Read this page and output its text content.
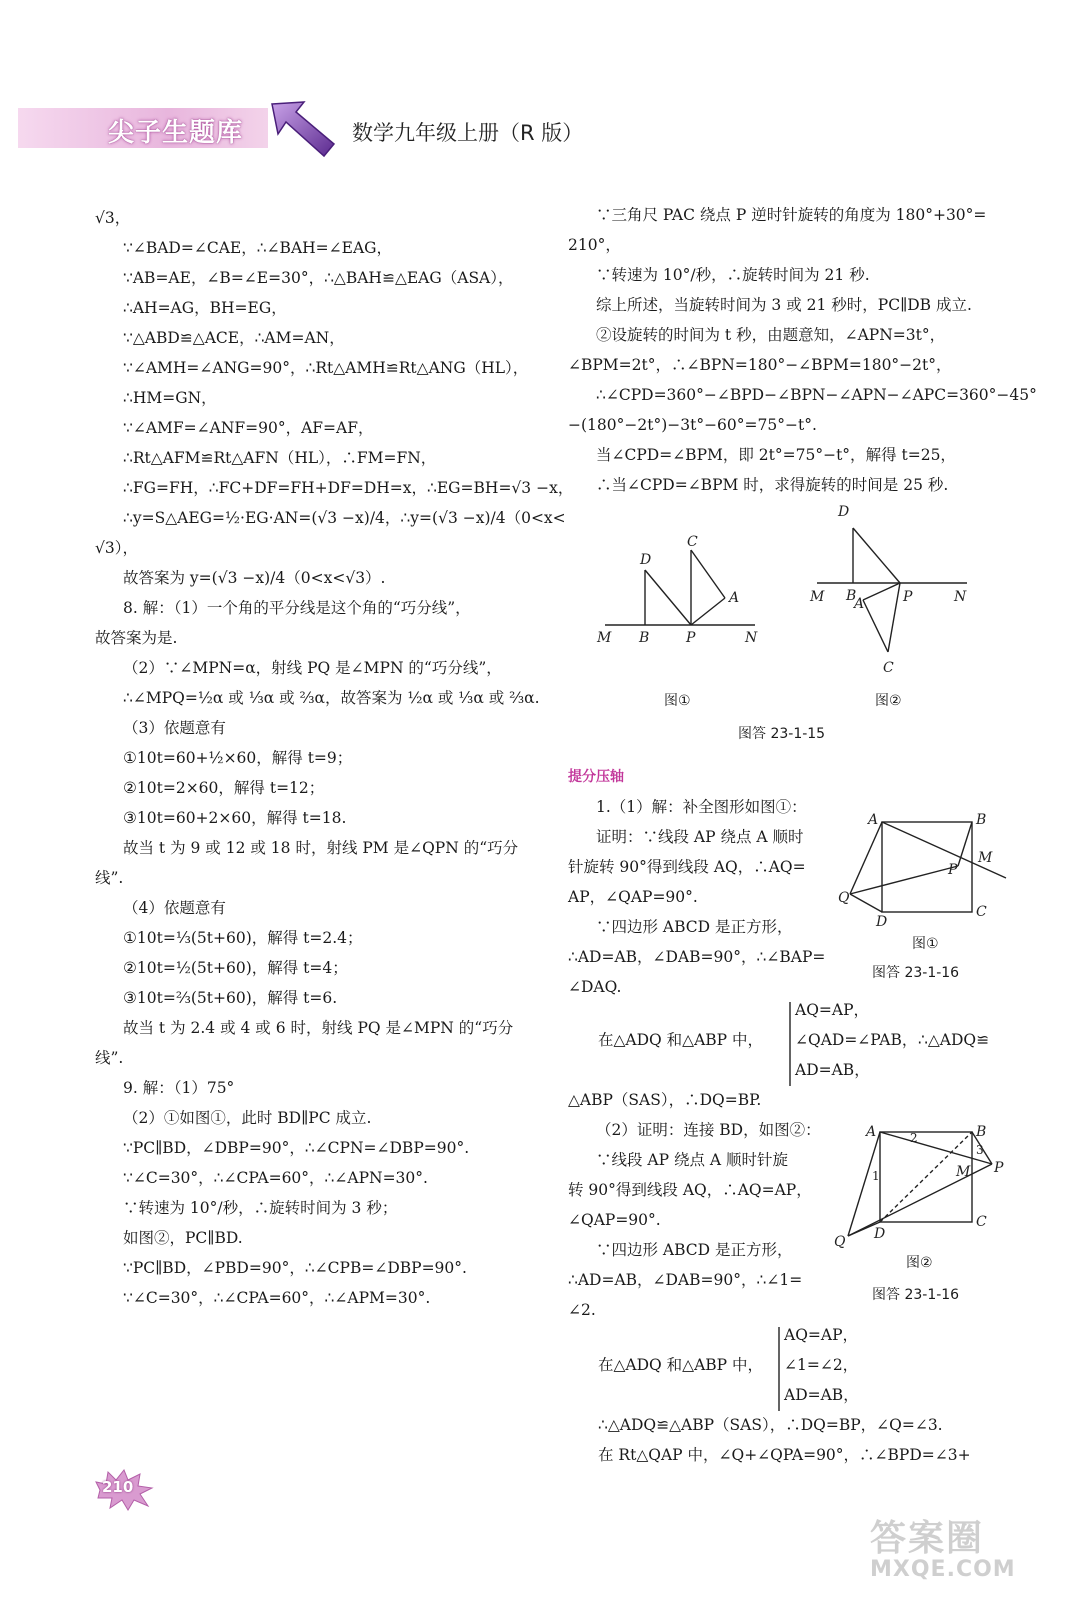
尖子生题库	数学九年级上册（R 版）
√3，
∵∠BAD=∠CAE，∴∠BAH=∠EAG，
∵AB=AE，∠B=∠E=30°，∴△BAH≌△EAG（ASA），
∴AH=AG，BH=EG，
∵△ABD≌△ACE，∴AM=AN，
∵∠AMH=∠ANG=90°，∴Rt△AMH≌Rt△ANG（HL），
∴HM=GN，
∵∠AMF=∠ANF=90°，AF=AF，
∴Rt△AFM≌Rt△AFN（HL），∴FM=FN，
∴FG=FH，∴FC+DF=FH+DF=DH=x，∴EG=BH=√3 −x，
∴y=S△AEG=½·EG·AN=(√3 −x)/4，∴y=(√3 −x)/4（0<x<
√3），
故答案为 y=(√3 −x)/4（0<x<√3）.
8. 解：（1）一个角的平分线是这个角的“巧分线”，
故答案为是.
（2）∵∠MPN=α，射线 PQ 是∠MPN 的“巧分线”，
∴∠MPQ=½α 或 ⅓α 或 ⅔α，故答案为 ½α 或 ⅓α 或 ⅔α.
（3）依题意有
①10t=60+½×60，解得 t=9；
②10t=2×60，解得 t=12；
③10t=60+2×60，解得 t=18.
故当 t 为 9 或 12 或 18 时，射线 PM 是∠QPN 的“巧分
线”.
（4）依题意有
①10t=⅓(5t+60)，解得 t=2.4；
②10t=½(5t+60)，解得 t=4；
③10t=⅔(5t+60)，解得 t=6.
故当 t 为 2.4 或 4 或 6 时，射线 PQ 是∠MPN 的“巧分
线”.
9. 解：（1）75°
（2）①如图①，此时 BD∥PC 成立.
∵PC∥BD，∠DBP=90°，∴∠CPN=∠DBP=90°.
∵∠C=30°，∴∠CPA=60°，∴∠APN=30°.
∵转速为 10°/秒，∴旋转时间为 3 秒；
如图②，PC∥BD.
∵PC∥BD，∠PBD=90°，∴∠CPB=∠DBP=90°.
∵∠C=30°，∴∠CPA=60°，∴∠APM=30°.
∵三角尺 PAC 绕点 P 逆时针旋转的角度为 180°+30°=
210°，
∵转速为 10°/秒，∴旋转时间为 21 秒.
综上所述，当旋转时间为 3 或 21 秒时，PC∥DB 成立.
②设旋转的时间为 t 秒，由题意知，∠APN=3t°，
∠BPM=2t°，∴∠BPN=180°−∠BPM=180°−2t°，
∴∠CPD=360°−∠BPD−∠BPN−∠APN−∠APC=360°−45°
−(180°−2t°)−3t°−60°=75°−t°.
当∠CPD=∠BPM，即 2t°=75°−t°，解得 t=25，
∴当∠CPD=∠BPM 时，求得旋转的时间是 25 秒.
D
C
A
M B	P	N
D
M B
A	P	N
C
图①	图②
图答 23-1-15
提分压轴
1.（1）解：补全图形如图①：
证明：∵线段 AP 绕点 A 顺时
针旋转 90°得到线段 AQ，∴AQ=
AP，∠QAP=90°.
∵四边形 ABCD 是正方形，
∴AD=AB，∠DAB=90°，∴∠BAP=
∠DAQ.
A	B
M
P
Q
D
C
图①
图答 23-1-16
在△ADQ 和△ABP 中，
AQ=AP，
∠QAD=∠PAB，
AD=AB，
∴△ADQ≌
△ABP（SAS），∴DQ=BP.
（2）证明：连接 BD，如图②：
∵线段 AP 绕点 A 顺时针旋
转 90°得到线段 AQ，∴AQ=AP，
∠QAP=90°.
∵四边形 ABCD 是正方形，
∴AD=AB，∠DAB=90°，∴∠1=
∠2.
A	B
M P
Q D
C
1
2
3
图②
图答 23-1-16
在△ADQ 和△ABP 中，
AQ=AP，
∠1=∠2，
AD=AB，
∴△ADQ≌△ABP（SAS），∴DQ=BP，∠Q=∠3.
在 Rt△QAP 中，∠Q+∠QPA=90°，∴∠BPD=∠3+
210
答案圈
MXQE.COM
